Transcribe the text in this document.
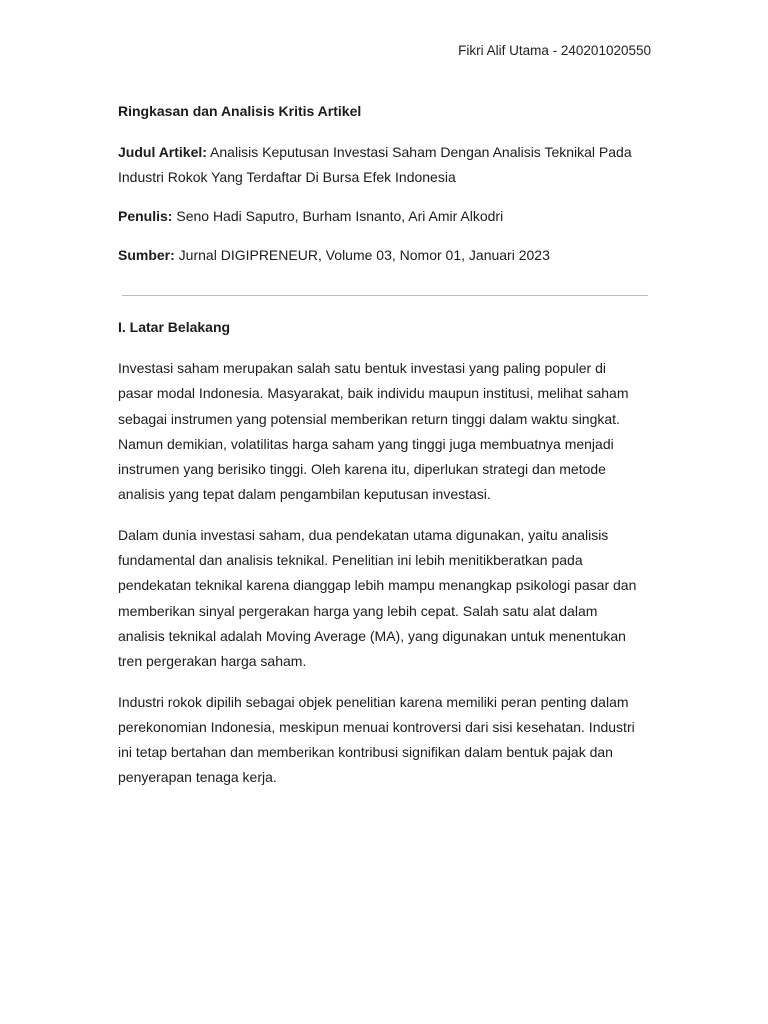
Fikri Alif Utama - 240201020550

Ringkasan dan Analisis Kritis Artikel

Judul Artikel: Analisis Keputusan Investasi Saham Dengan Analisis Teknikal Pada
Industri Rokok Yang Terdaftar Di Bursa Efek Indonesia

Penulis: Seno Hadi Saputro, Burham Isnanto, Ari Amir Alkodri

Sumber: Jurnal DIGIPRENEUR, Volume 03, Nomor 01, Januari 2023

I. Latar Belakang

Investasi saham merupakan salah satu bentuk investasi yang paling populer di
pasar modal Indonesia. Masyarakat, baik individu maupun institusi, melihat saham
sebagai instrumen yang potensial memberikan return tinggi dalam waktu singkat.
Namun demikian, volatilitas harga saham yang tinggi juga membuatnya menjadi
instrumen yang berisiko tinggi. Oleh karena itu, diperlukan strategi dan metode
analisis yang tepat dalam pengambilan keputusan investasi.

Dalam dunia investasi saham, dua pendekatan utama digunakan, yaitu analisis
fundamental dan analisis teknikal. Penelitian ini lebih menitikberatkan pada
pendekatan teknikal karena dianggap lebih mampu menangkap psikologi pasar dan
memberikan sinyal pergerakan harga yang lebih cepat. Salah satu alat dalam
analisis teknikal adalah Moving Average (MA), yang digunakan untuk menentukan
tren pergerakan harga saham.

Industri rokok dipilih sebagai objek penelitian karena memiliki peran penting dalam
perekonomian Indonesia, meskipun menuai kontroversi dari sisi kesehatan. Industri
ini tetap bertahan dan memberikan kontribusi signifikan dalam bentuk pajak dan
penyerapan tenaga kerja.
